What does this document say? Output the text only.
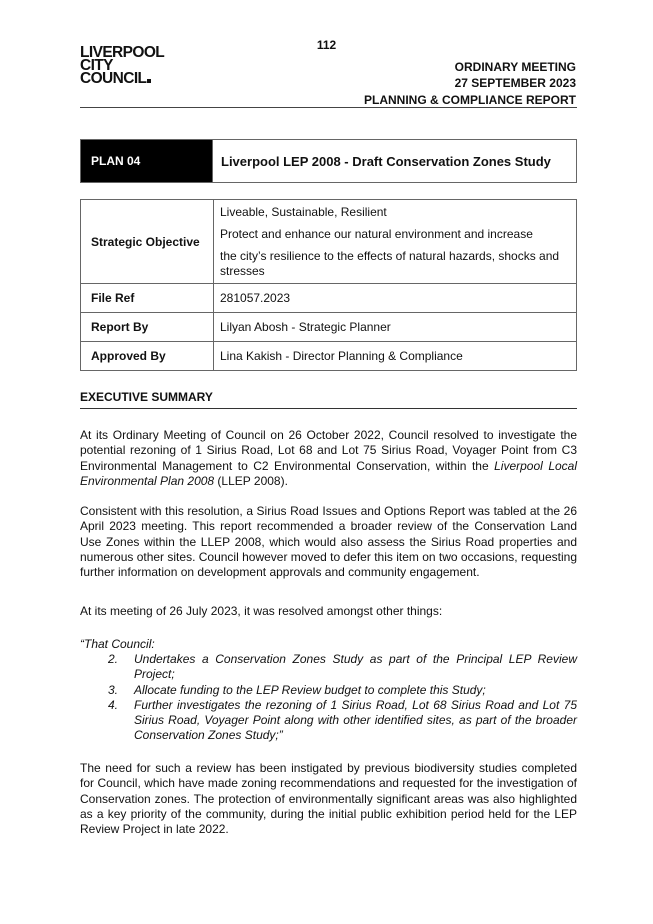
112
LIVERPOOL
CITY
COUNCIL
ORDINARY MEETING
27 SEPTEMBER 2023
PLANNING & COMPLIANCE REPORT
PLAN 04	Liverpool LEP 2008 - Draft Conservation Zones Study
Strategic Objective	Liveable, Sustainable, Resilient

Protect and enhance our natural environment and increase

the city’s resilience to the effects of natural hazards, shocks and stresses

File Ref	281057.2023
Report By	Lilyan Abosh - Strategic Planner
Approved By	Lina Kakish - Director Planning & Compliance
EXECUTIVE SUMMARY

At its Ordinary Meeting of Council on 26 October 2022, Council resolved to investigate the potential rezoning of 1 Sirius Road, Lot 68 and Lot 75 Sirius Road, Voyager Point from C3 Environmental Management to C2 Environmental Conservation, within the Liverpool Local Environmental Plan 2008 (LLEP 2008).

Consistent with this resolution, a Sirius Road Issues and Options Report was tabled at the 26 April 2023 meeting. This report recommended a broader review of the Conservation Land Use Zones within the LLEP 2008, which would also assess the Sirius Road properties and numerous other sites. Council however moved to defer this item on two occasions, requesting further information on development approvals and community engagement.

At its meeting of 26 July 2023, it was resolved amongst other things:

“That Council:
2.	Undertakes a Conservation Zones Study as part of the Principal LEP Review Project;
3.	Allocate funding to the LEP Review budget to complete this Study;
4.	Further investigates the rezoning of 1 Sirius Road, Lot 68 Sirius Road and Lot 75 Sirius Road, Voyager Point along with other identified sites, as part of the broader Conservation Zones Study;”

The need for such a review has been instigated by previous biodiversity studies completed for Council, which have made zoning recommendations and requested for the investigation of Conservation zones. The protection of environmentally significant areas was also highlighted as a key priority of the community, during the initial public exhibition period held for the LEP Review Project in late 2022.
